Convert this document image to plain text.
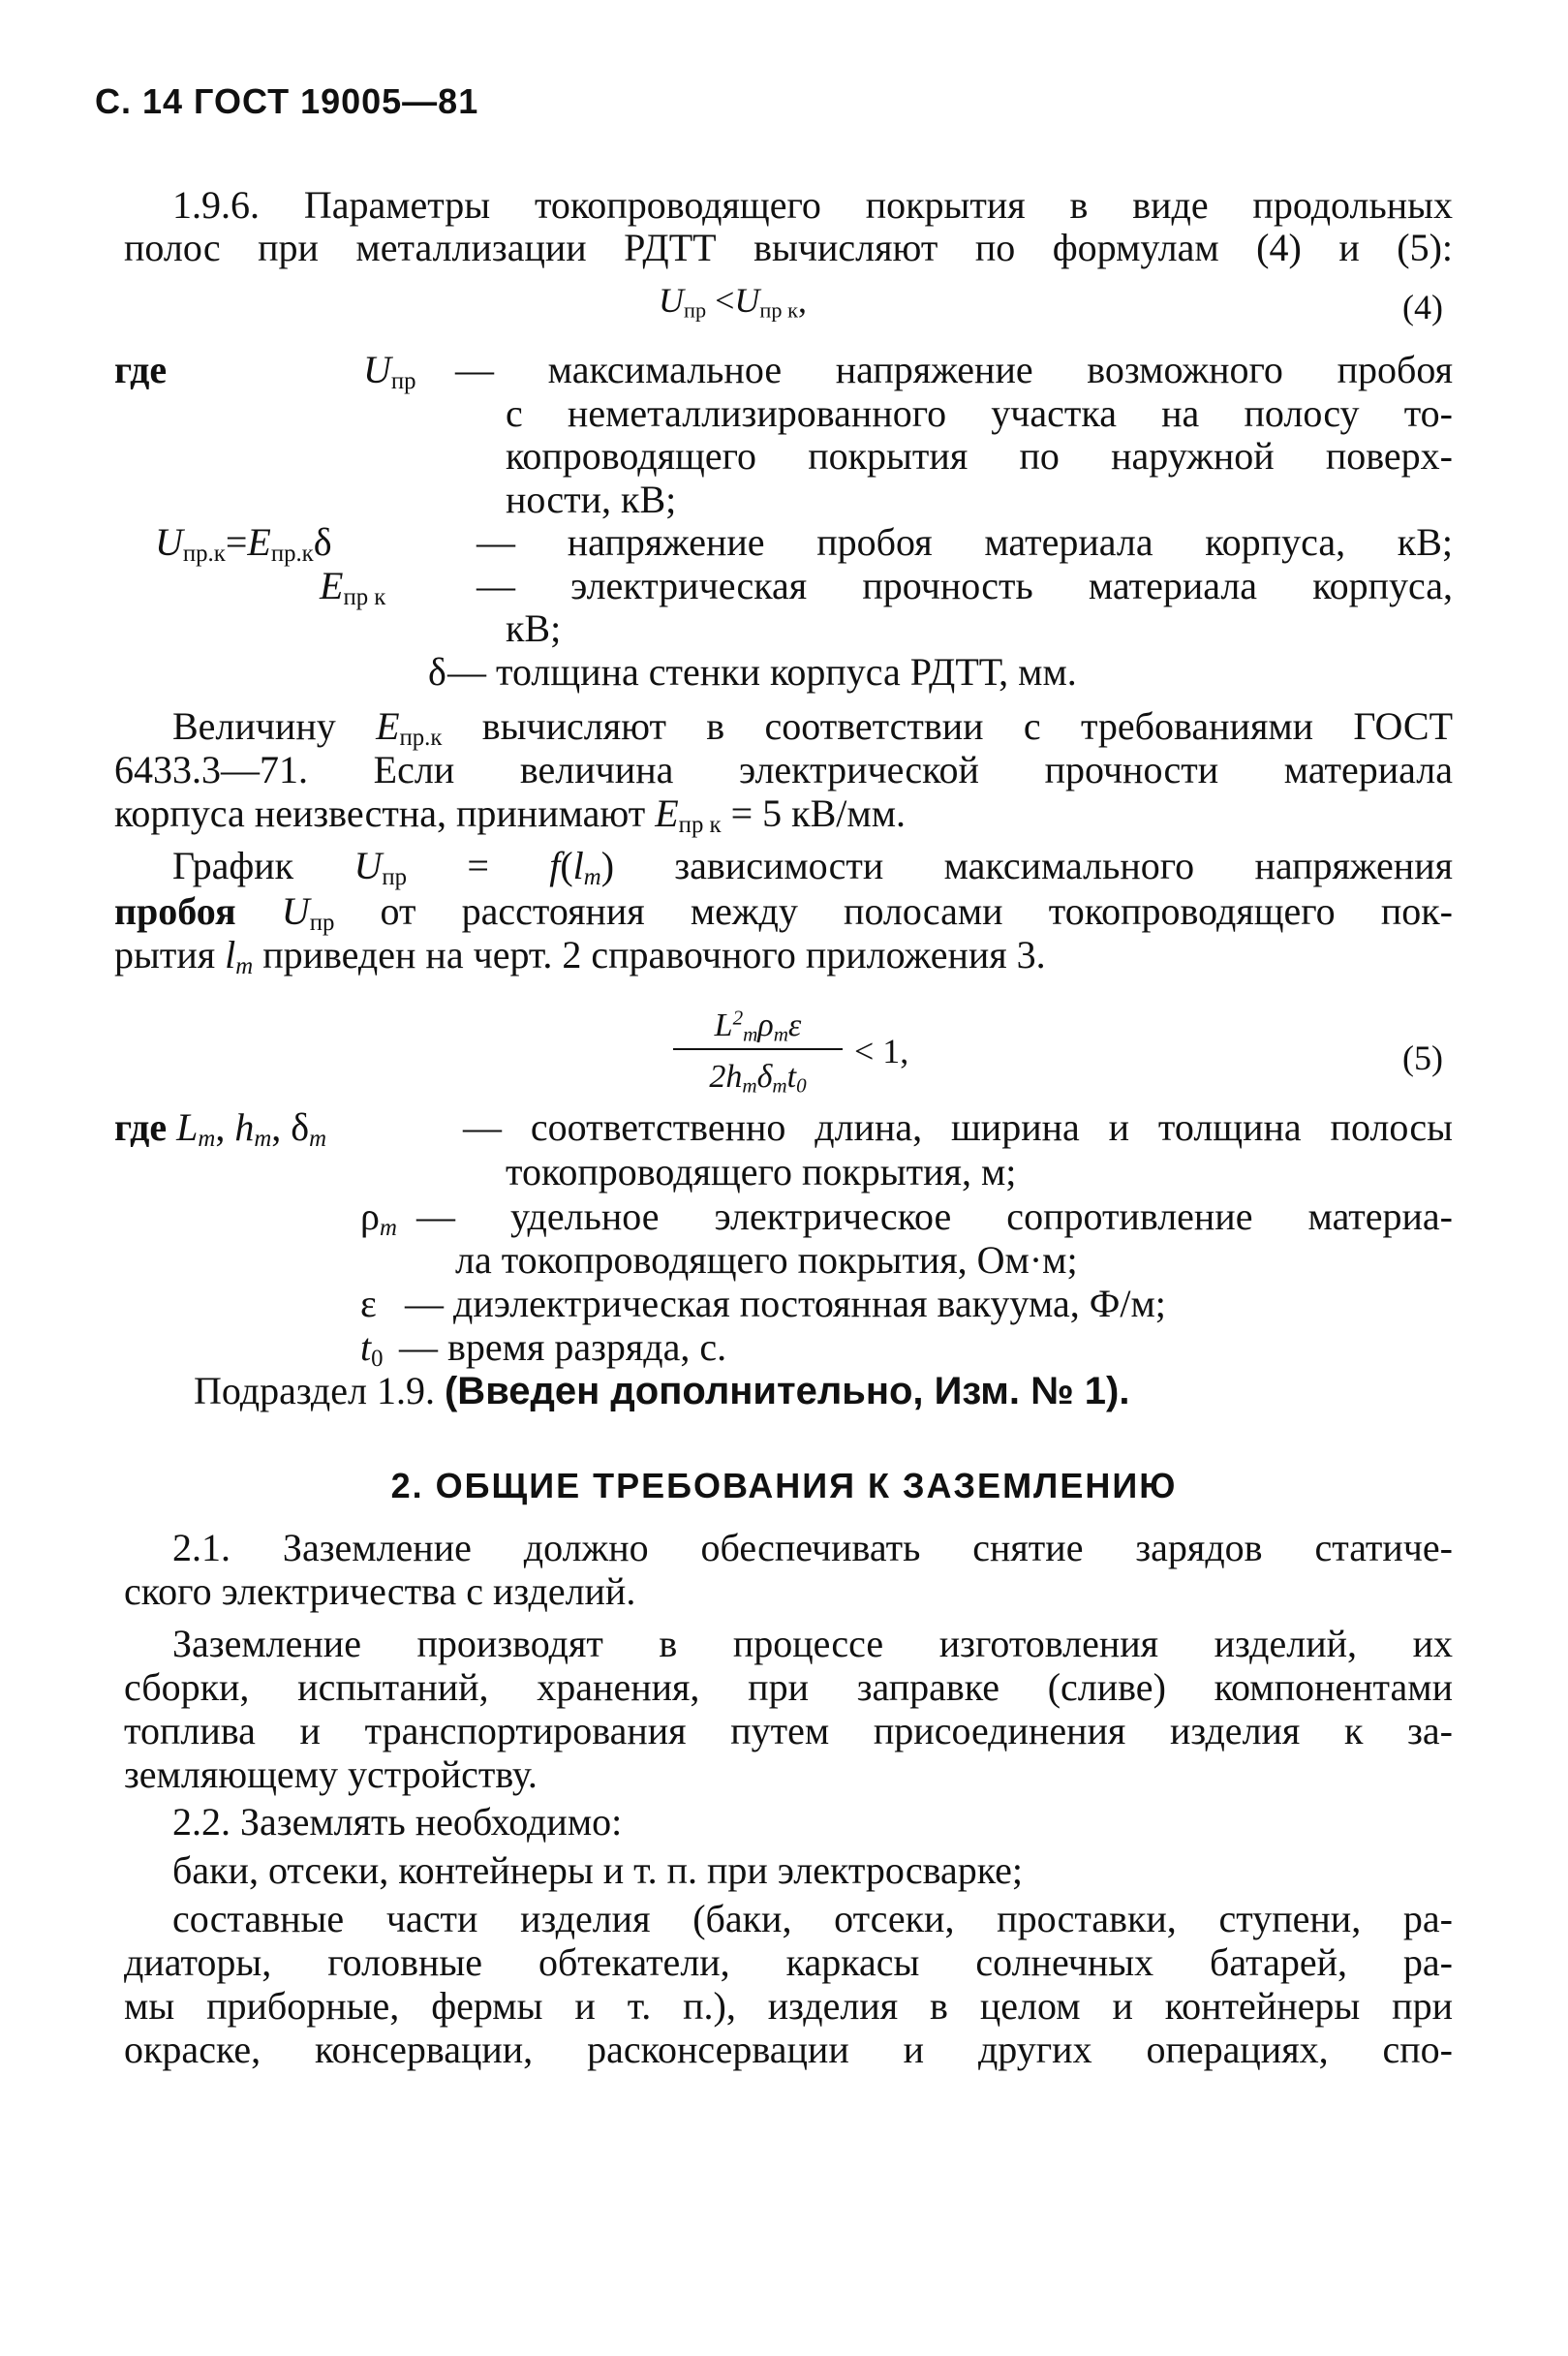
С. 14 ГОСТ 19005—81
1.9.6. Параметры токопроводящего покрытия в виде продольных
полос при металлизации РДТТ вычисляют по формулам (4) и (5):
$U_{пр} <U_{пр к}$,	(4)
где	$U_{пр}$ — максимальное напряжение возможного пробоя
с неметаллизированного участка на полосу то-
копроводящего покрытия по наружной поверх-
ности, кВ;
$U_{пр.к}=E_{пр.к}\delta$	— напряжение пробоя материала корпуса, кВ;
$E_{пр к}$ — электрическая прочность материала корпуса,
кВ;
δ — толщина стенки корпуса РДТТ, мм.
Величину $E_{пр.к}$ вычисляют в соответствии с требованиями ГОСТ
6433.3—71. Если величина электрической прочности материала
корпуса неизвестна, принимают $E_{пр к} = 5$ кВ/мм.
График $U_{пр} = f(l_m)$ зависимости максимального напряжения
пробоя $U_{пр}$ от расстояния между полосами токопроводящего пок-
рытия $l_m$ приведен на черт. 2 справочного приложения 3.
$L^2_m\rho_m\varepsilon$
$2h_m\delta_mt_0$
< 1,	(5)
где $L_m$, $h_m$, $\delta_m$	— соответственно длина, ширина и толщина полосы
токопроводящего покрытия, м;
$\rho_m$ — удельное электрическое сопротивление материа-
ла токопроводящего покрытия, Ом·м;
ε — диэлектрическая постоянная вакуума, Ф/м;
$t_0$ — время разряда, с.
Подраздел 1.9. (Введен дополнительно, Изм. № 1).
2. ОБЩИЕ ТРЕБОВАНИЯ К ЗАЗЕМЛЕНИЮ
2.1. Заземление должно обеспечивать снятие зарядов статиче-
ского электричества с изделий.
Заземление производят в процессе изготовления изделий, их
сборки, испытаний, хранения, при заправке (сливе) компонентами
топлива и транспортирования путем присоединения изделия к за-
земляющему устройству.
2.2. Заземлять необходимо:
баки, отсеки, контейнеры и т. п. при электросварке;
составные части изделия (баки, отсеки, проставки, ступени, ра-
диаторы, головные обтекатели, каркасы солнечных батарей, ра-
мы приборные, фермы и т. п.), изделия в целом и контейнеры при
окраске, консервации, расконсервации и других операциях, спо-
